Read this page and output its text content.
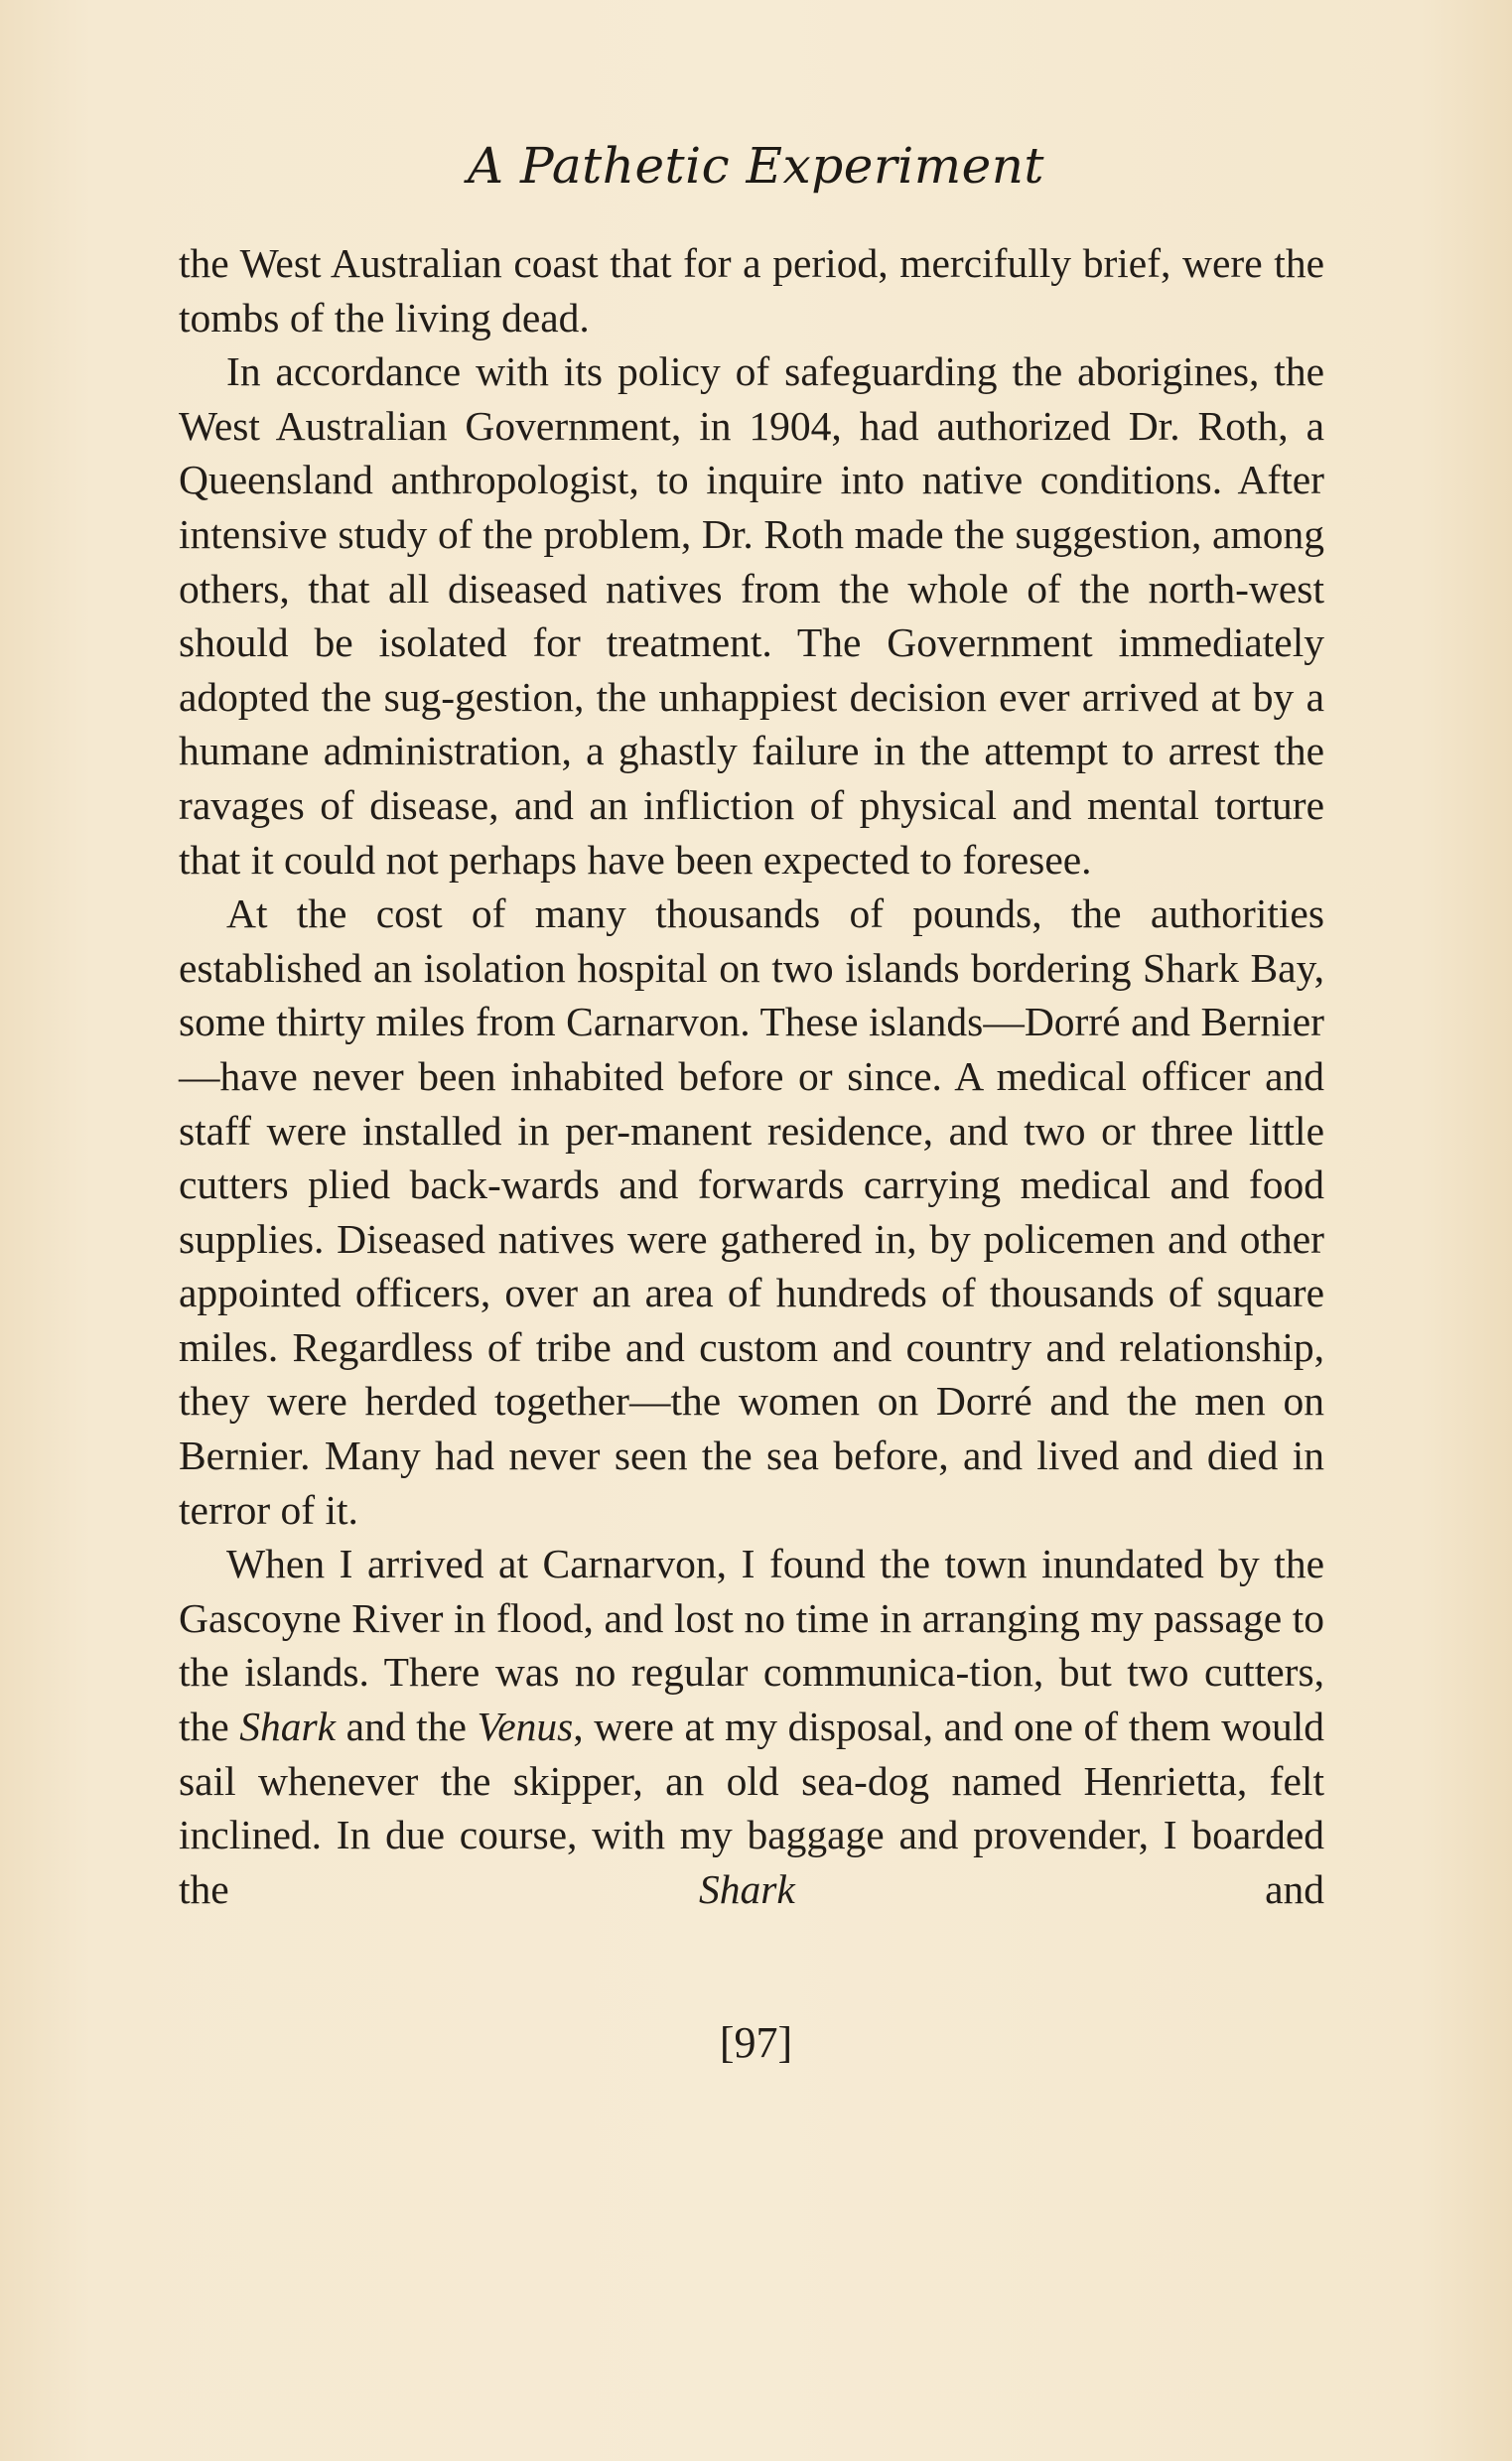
A Pathetic Experiment

the West Australian coast that for a period, mercifully brief, were the tombs of the living dead.

In accordance with its policy of safeguarding the aborigines, the West Australian Government, in 1904, had authorized Dr. Roth, a Queensland anthropologist, to inquire into native conditions. After intensive study of the problem, Dr. Roth made the suggestion, among others, that all diseased natives from the whole of the north-west should be isolated for treatment. The Government immediately adopted the sug-gestion, the unhappiest decision ever arrived at by a humane administration, a ghastly failure in the attempt to arrest the ravages of disease, and an infliction of physical and mental torture that it could not perhaps have been expected to foresee.

At the cost of many thousands of pounds, the authorities established an isolation hospital on two islands bordering Shark Bay, some thirty miles from Carnarvon. These islands—Dorré and Bernier—have never been inhabited before or since. A medical officer and staff were installed in per-manent residence, and two or three little cutters plied back-wards and forwards carrying medical and food supplies. Diseased natives were gathered in, by policemen and other appointed officers, over an area of hundreds of thousands of square miles. Regardless of tribe and custom and country and relationship, they were herded together—the women on Dorré and the men on Bernier. Many had never seen the sea before, and lived and died in terror of it.

When I arrived at Carnarvon, I found the town inundated by the Gascoyne River in flood, and lost no time in arranging my passage to the islands. There was no regular communica-tion, but two cutters, the Shark and the Venus, were at my disposal, and one of them would sail whenever the skipper, an old sea-dog named Henrietta, felt inclined. In due course, with my baggage and provender, I boarded the Shark and

[97]
